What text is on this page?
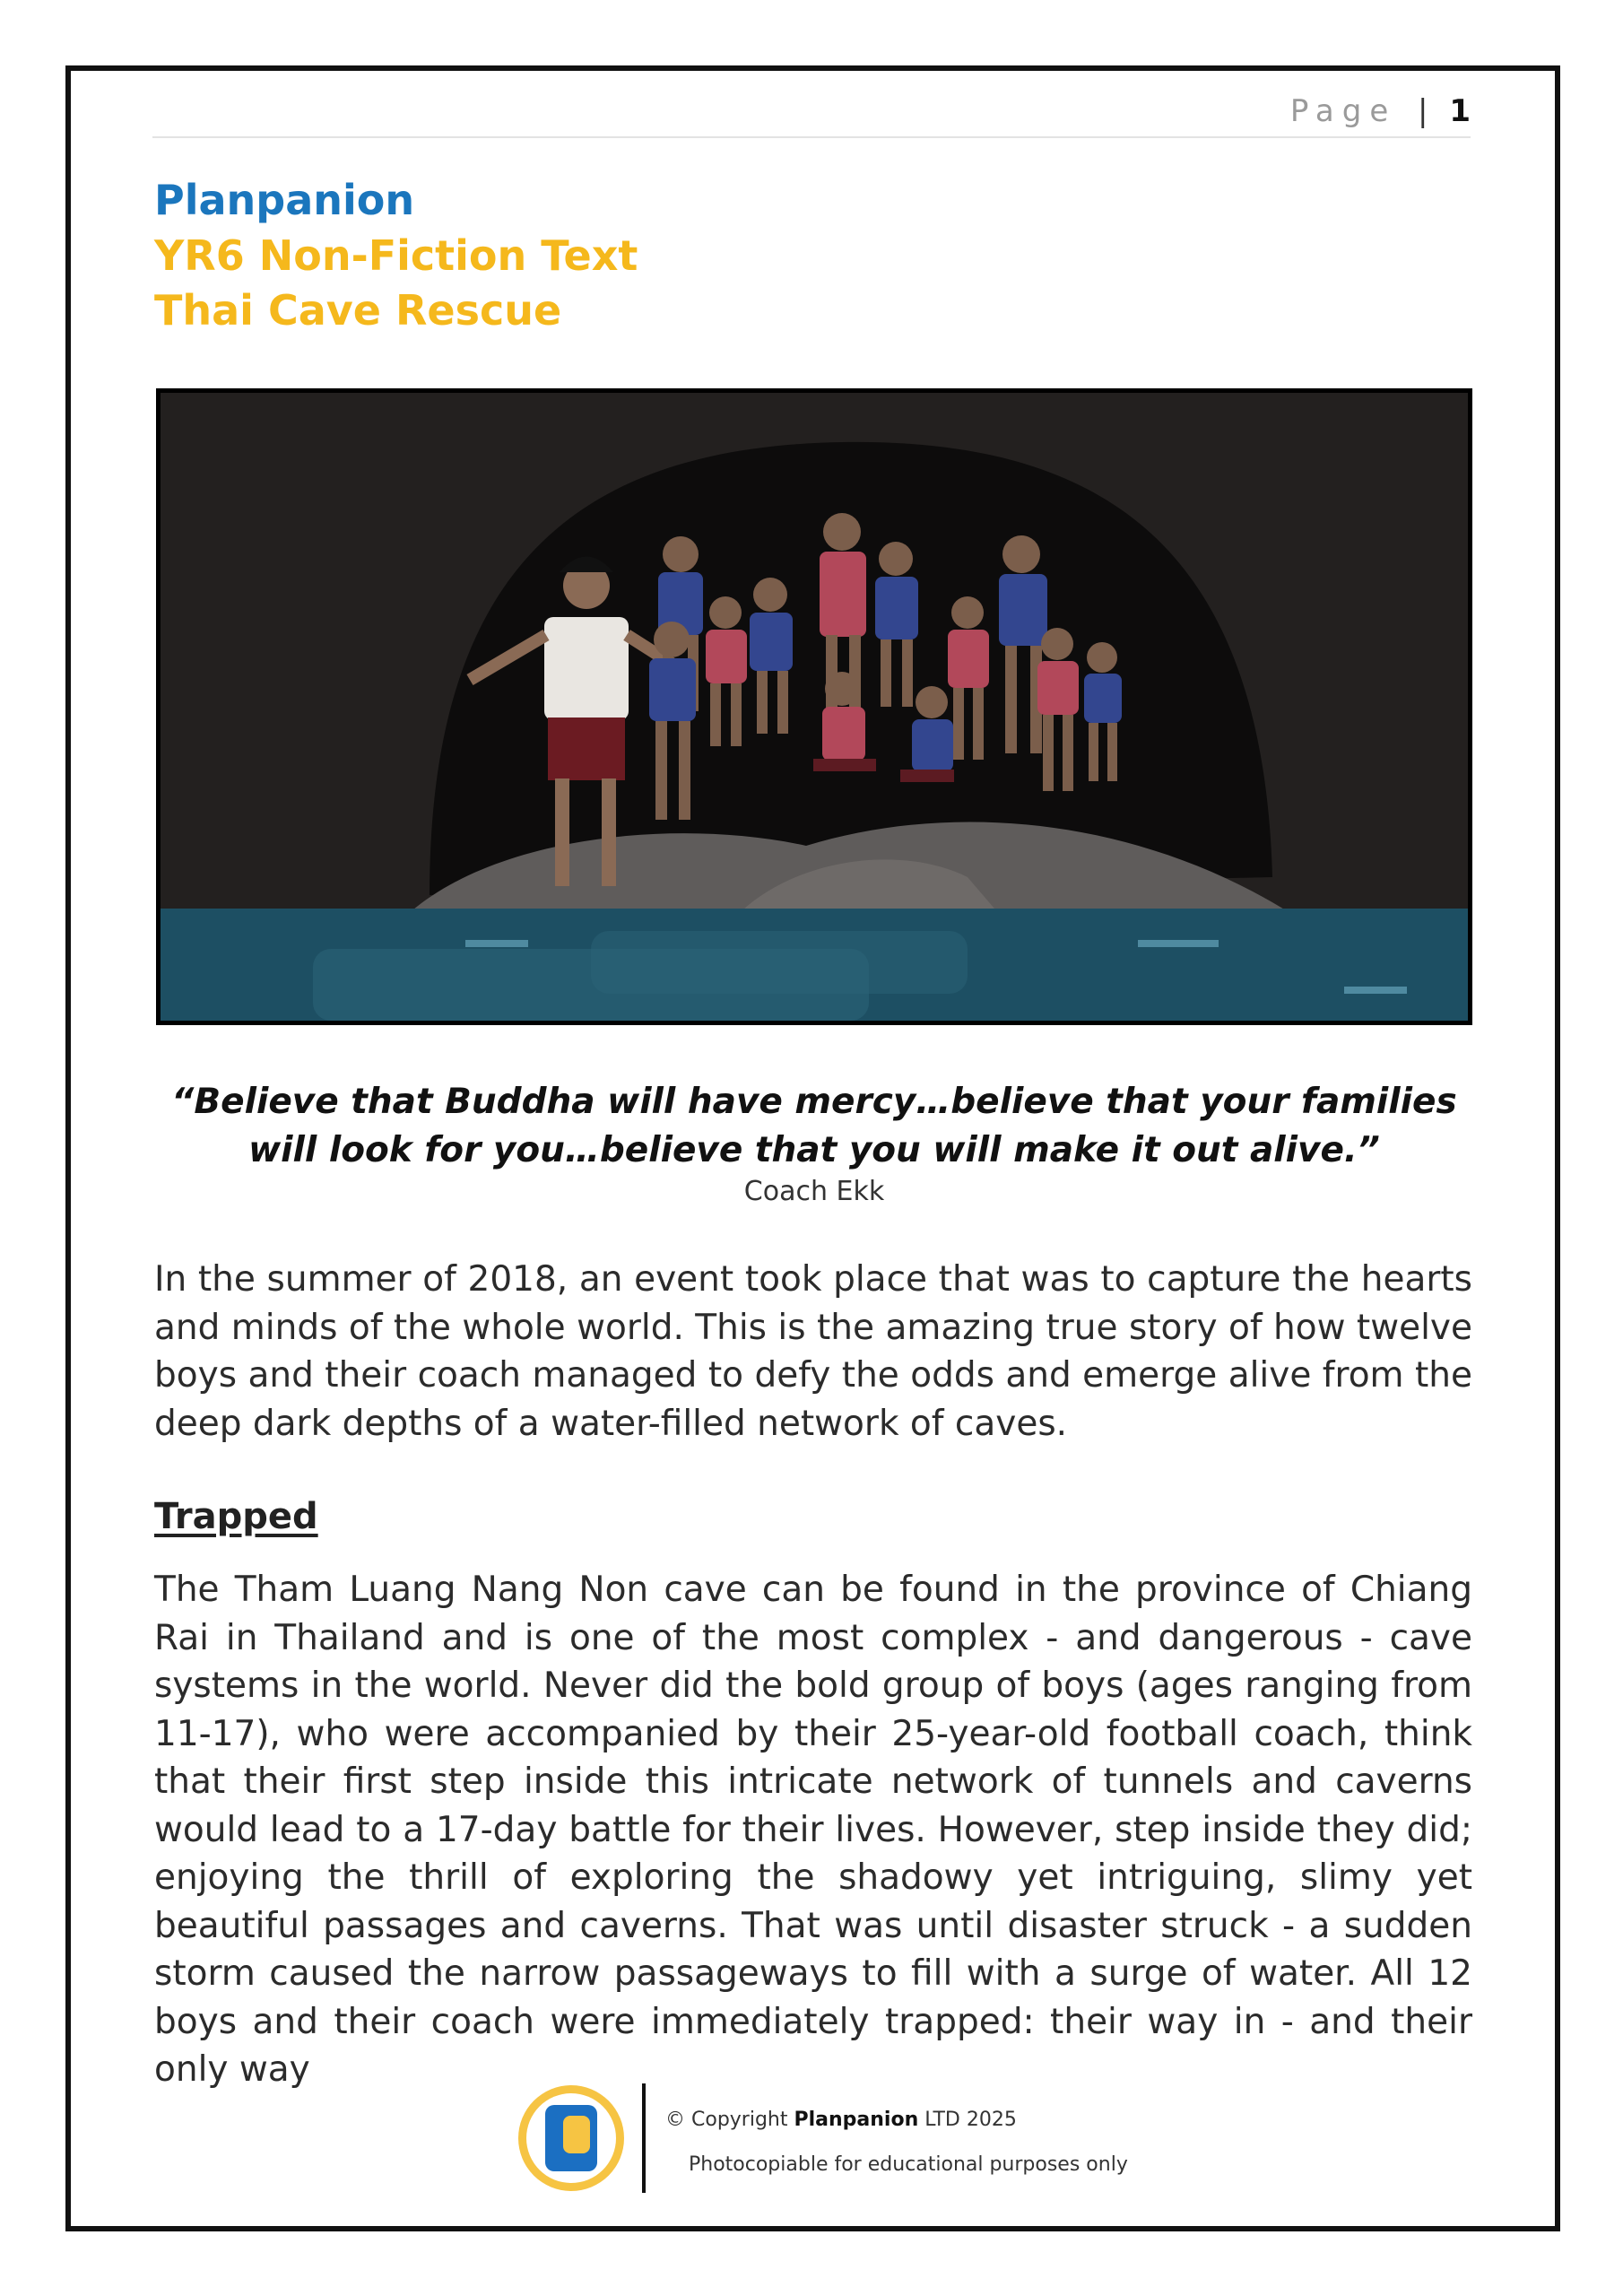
Page | 1
Planpanion
YR6 Non-Fiction Text
Thai Cave Rescue
“Believe that Buddha will have mercy…believe that your families will look for you…believe that you will make it out alive.”
Coach Ekk
In the summer of 2018, an event took place that was to capture the hearts and minds of the whole world. This is the amazing true story of how twelve boys and their coach managed to defy the odds and emerge alive from the deep dark depths of a water-filled network of caves.
Trapped
The Tham Luang Nang Non cave can be found in the province of Chiang Rai in Thailand and is one of the most complex - and dangerous - cave systems in the world. Never did the bold group of boys (ages ranging from 11-17), who were accompanied by their 25-year-old football coach, think that their first step inside this intricate network of tunnels and caverns would lead to a 17-day battle for their lives. However, step inside they did; enjoying the thrill of exploring the shadowy yet intriguing, slimy yet beautiful passages and caverns. That was until disaster struck - a sudden storm caused the narrow passageways to fill with a surge of water. All 12 boys and their coach were immediately trapped: their way in - and their only way
© Copyright Planpanion LTD 2025
Photocopiable for educational purposes only
